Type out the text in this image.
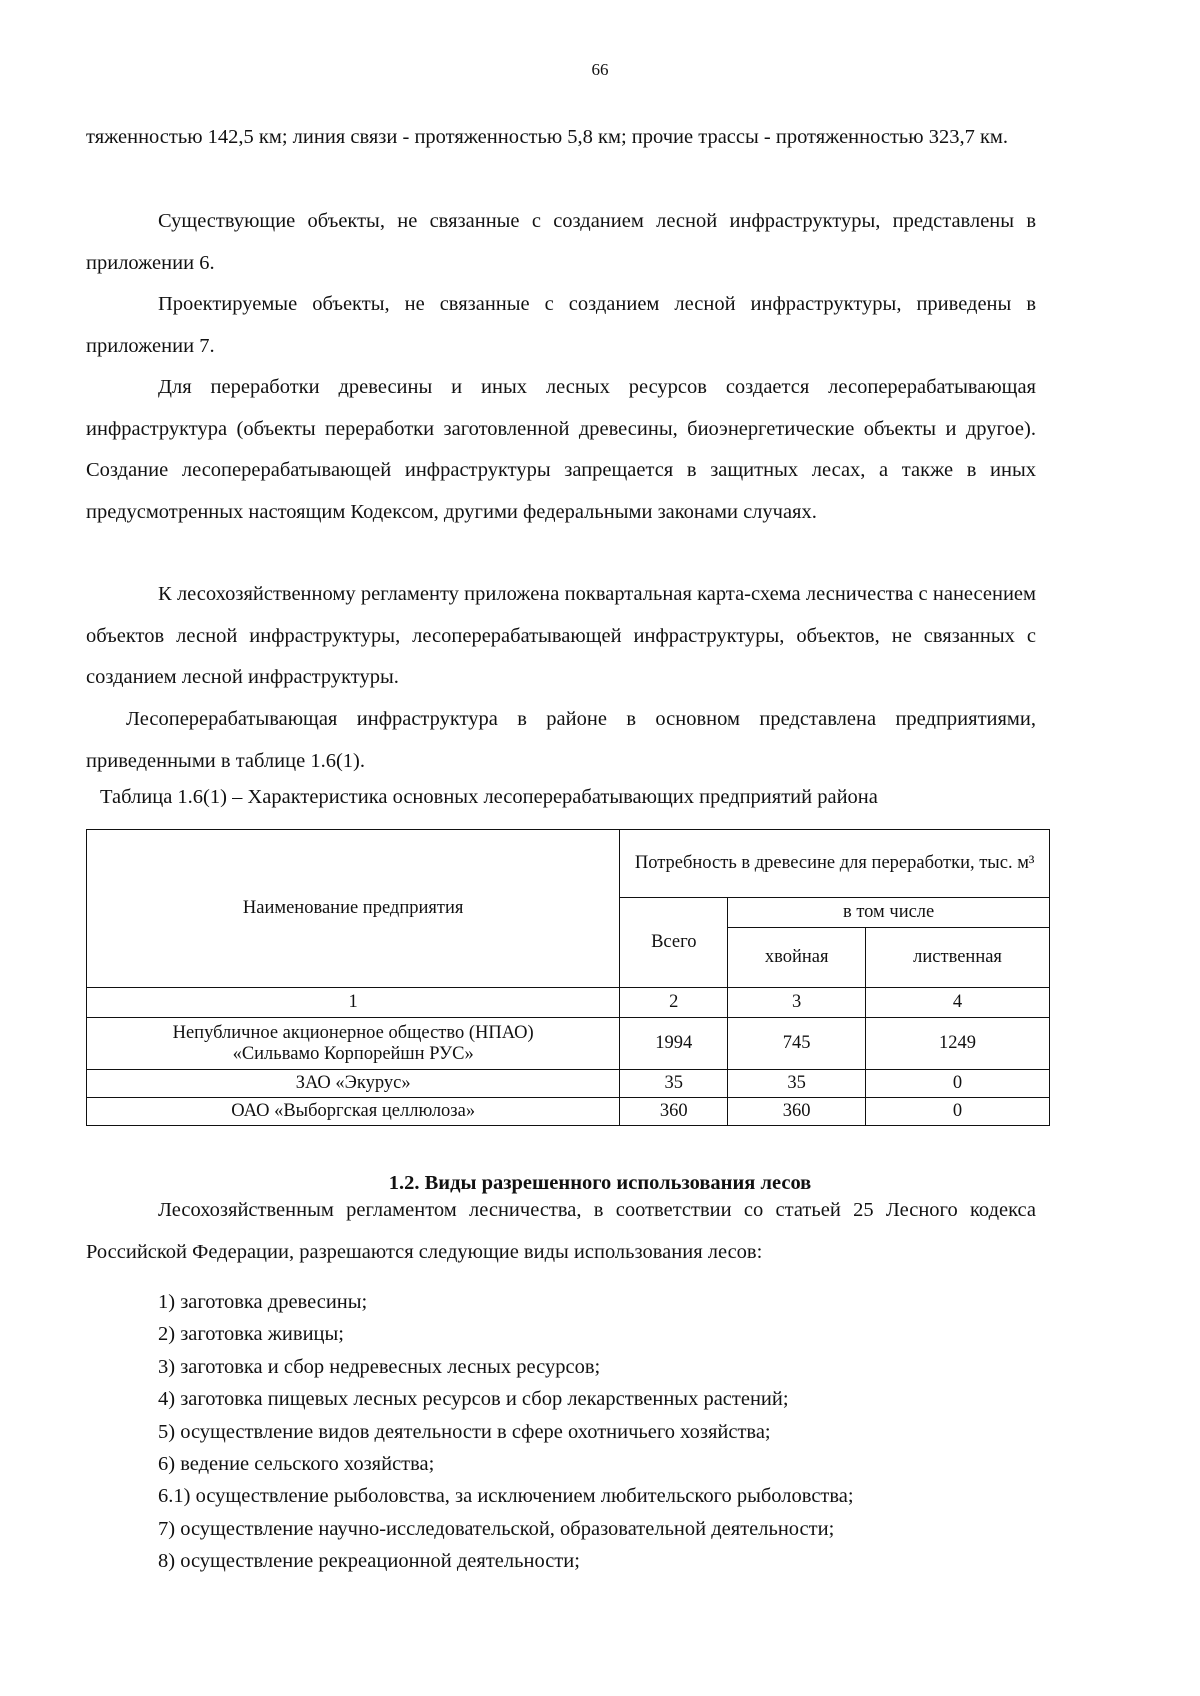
66

тяженностью 142,5 км; линия связи - протяженностью 5,8 км; прочие трассы - протяженностью 323,7 км.

Существующие объекты, не связанные с созданием лесной инфраструктуры, представлены в приложении 6.

Проектируемые объекты, не связанные с созданием лесной инфраструктуры, приведены в приложении 7.

Для переработки древесины и иных лесных ресурсов создается лесоперерабатывающая инфраструктура (объекты переработки заготовленной древесины, биоэнергетические объекты и другое). Создание лесоперерабатывающей инфраструктуры запрещается в защитных лесах, а также в иных предусмотренных настоящим Кодексом, другими федеральными законами случаях.

К лесохозяйственному регламенту приложена поквартальная карта-схема лесничества с нанесением объектов лесной инфраструктуры, лесоперерабатывающей инфраструктуры, объектов, не связанных с созданием лесной инфраструктуры.

Лесоперерабатывающая инфраструктура в районе в основном представлена предприятиями, приведенными в таблице 1.6(1).

Таблица 1.6(1) – Характеристика основных лесоперерабатывающих предприятий района

Наименование предприятия	Потребность в древесине для переработки, тыс. м³		
	Всего	в том числе	
		хвойная	лиственная
1	2	3	4
Непубличное акционерное общество (НПАО)
«Сильвамо Корпорейшн РУС»	1994	745	1249
ЗАО «Экурус»	35	35	0
ОАО «Выборгская целлюлоза»	360	360	0
1.2. Виды разрешенного использования лесов

Лесохозяйственным регламентом лесничества, в соответствии со статьей 25 Лесного кодекса Российской Федерации, разрешаются следующие виды использования лесов:

1) заготовка древесины;
2) заготовка живицы;
3) заготовка и сбор недревесных лесных ресурсов;
4) заготовка пищевых лесных ресурсов и сбор лекарственных растений;
5) осуществление видов деятельности в сфере охотничьего хозяйства;
6) ведение сельского хозяйства;
6.1) осуществление рыболовства, за исключением любительского рыболовства;
7) осуществление научно-исследовательской, образовательной деятельности;
8) осуществление рекреационной деятельности;
